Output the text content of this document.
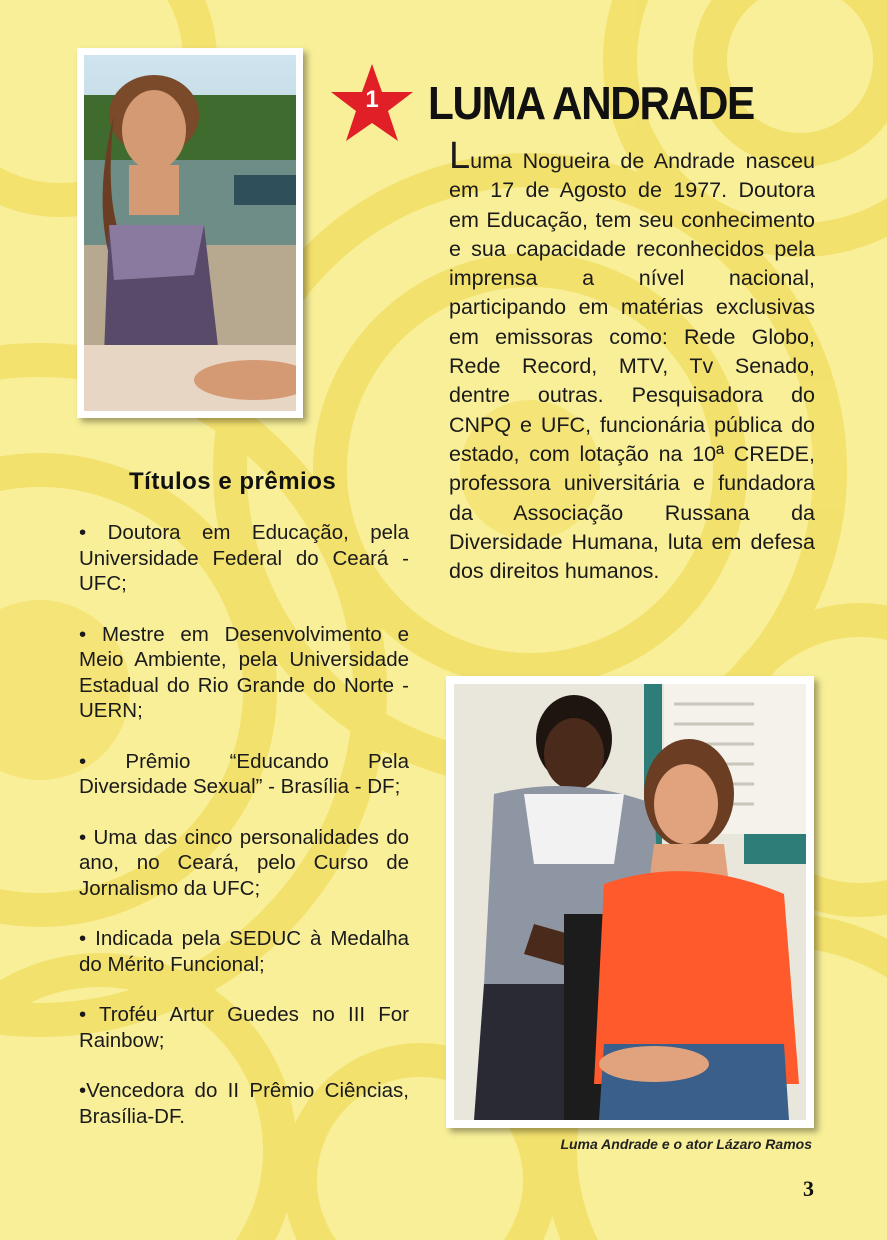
1	LUMA ANDRADE

Luma Nogueira de Andrade nasceu em 17 de Agosto de 1977. Doutora em Educação, tem seu conhecimento e sua capacidade reconhecidos pela imprensa a nível nacional, participando em matérias exclusivas em emissoras como: Rede Globo, Rede Record, MTV, Tv Senado, dentre outras. Pesquisadora do CNPQ e UFC, funcionária pública do estado, com lotação na 10ª CREDE, professora universitária e fundadora da Associação Russana da Diversidade Humana, luta em defesa dos direitos humanos.

Títulos e prêmios
• Doutora em Educação, pela Universidade Federal do Ceará - UFC;
• Mestre em Desenvolvimento e Meio Ambiente, pela Universidade Estadual do Rio Grande do Norte - UERN;
• Prêmio “Educando Pela Diversidade Sexual” - Brasília - DF;
• Uma das cinco personalidades do ano, no Ceará, pelo Curso de Jornalismo da UFC;
• Indicada pela SEDUC à Medalha do Mérito Funcional;
• Troféu Artur Guedes no III For Rainbow;
•Vencedora do II Prêmio Ciências, Brasília-DF.
Luma Andrade e o ator Lázaro Ramos
3
